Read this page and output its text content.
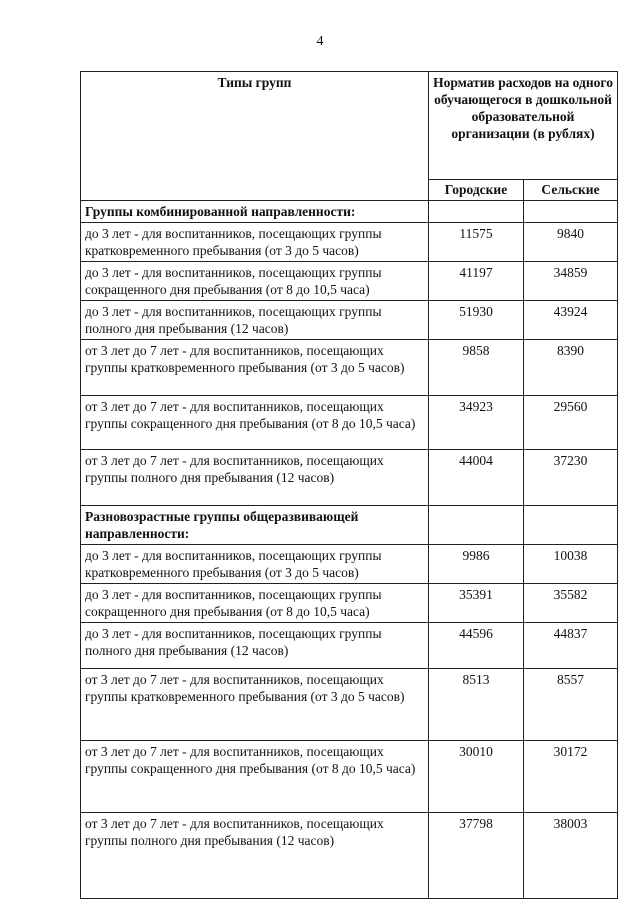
4
Типы групп	Норматив расходов на одного обучающегося в дошкольной образовательной организации (в рублях)	
	Городские	Сельские
Группы комбинированной направленности:		
до 3 лет - для воспитанников, посещающих группы кратковременного пребывания (от 3 до 5 часов)	11575	9840
до 3 лет - для воспитанников, посещающих группы сокращенного дня пребывания (от 8 до 10,5 часа)	41197	34859
до 3 лет - для воспитанников, посещающих группы полного дня пребывания (12 часов)	51930	43924
от 3 лет до 7 лет - для воспитанников, посещающих группы кратковременного пребывания (от 3 до 5 часов)	9858	8390
от 3 лет до 7 лет - для воспитанников, посещающих группы сокращенного дня пребывания (от 8 до 10,5 часа)	34923	29560
от 3 лет до 7 лет - для воспитанников, посещающих группы полного дня пребывания (12 часов)	44004	37230
Разновозрастные группы общеразвивающей направленности:		
до 3 лет - для воспитанников, посещающих группы кратковременного пребывания (от 3 до 5 часов)	9986	10038
до 3 лет - для воспитанников, посещающих группы сокращенного дня пребывания (от 8 до 10,5 часа)	35391	35582
до 3 лет - для воспитанников, посещающих группы полного дня пребывания (12 часов)	44596	44837
от 3 лет до 7 лет - для воспитанников, посещающих группы кратковременного пребывания (от 3 до 5 часов)	8513	8557
от 3 лет до 7 лет - для воспитанников, посещающих группы сокращенного дня пребывания (от 8 до 10,5 часа)	30010	30172
от 3 лет до 7 лет - для воспитанников, посещающих группы полного дня пребывания (12 часов)	37798	38003
